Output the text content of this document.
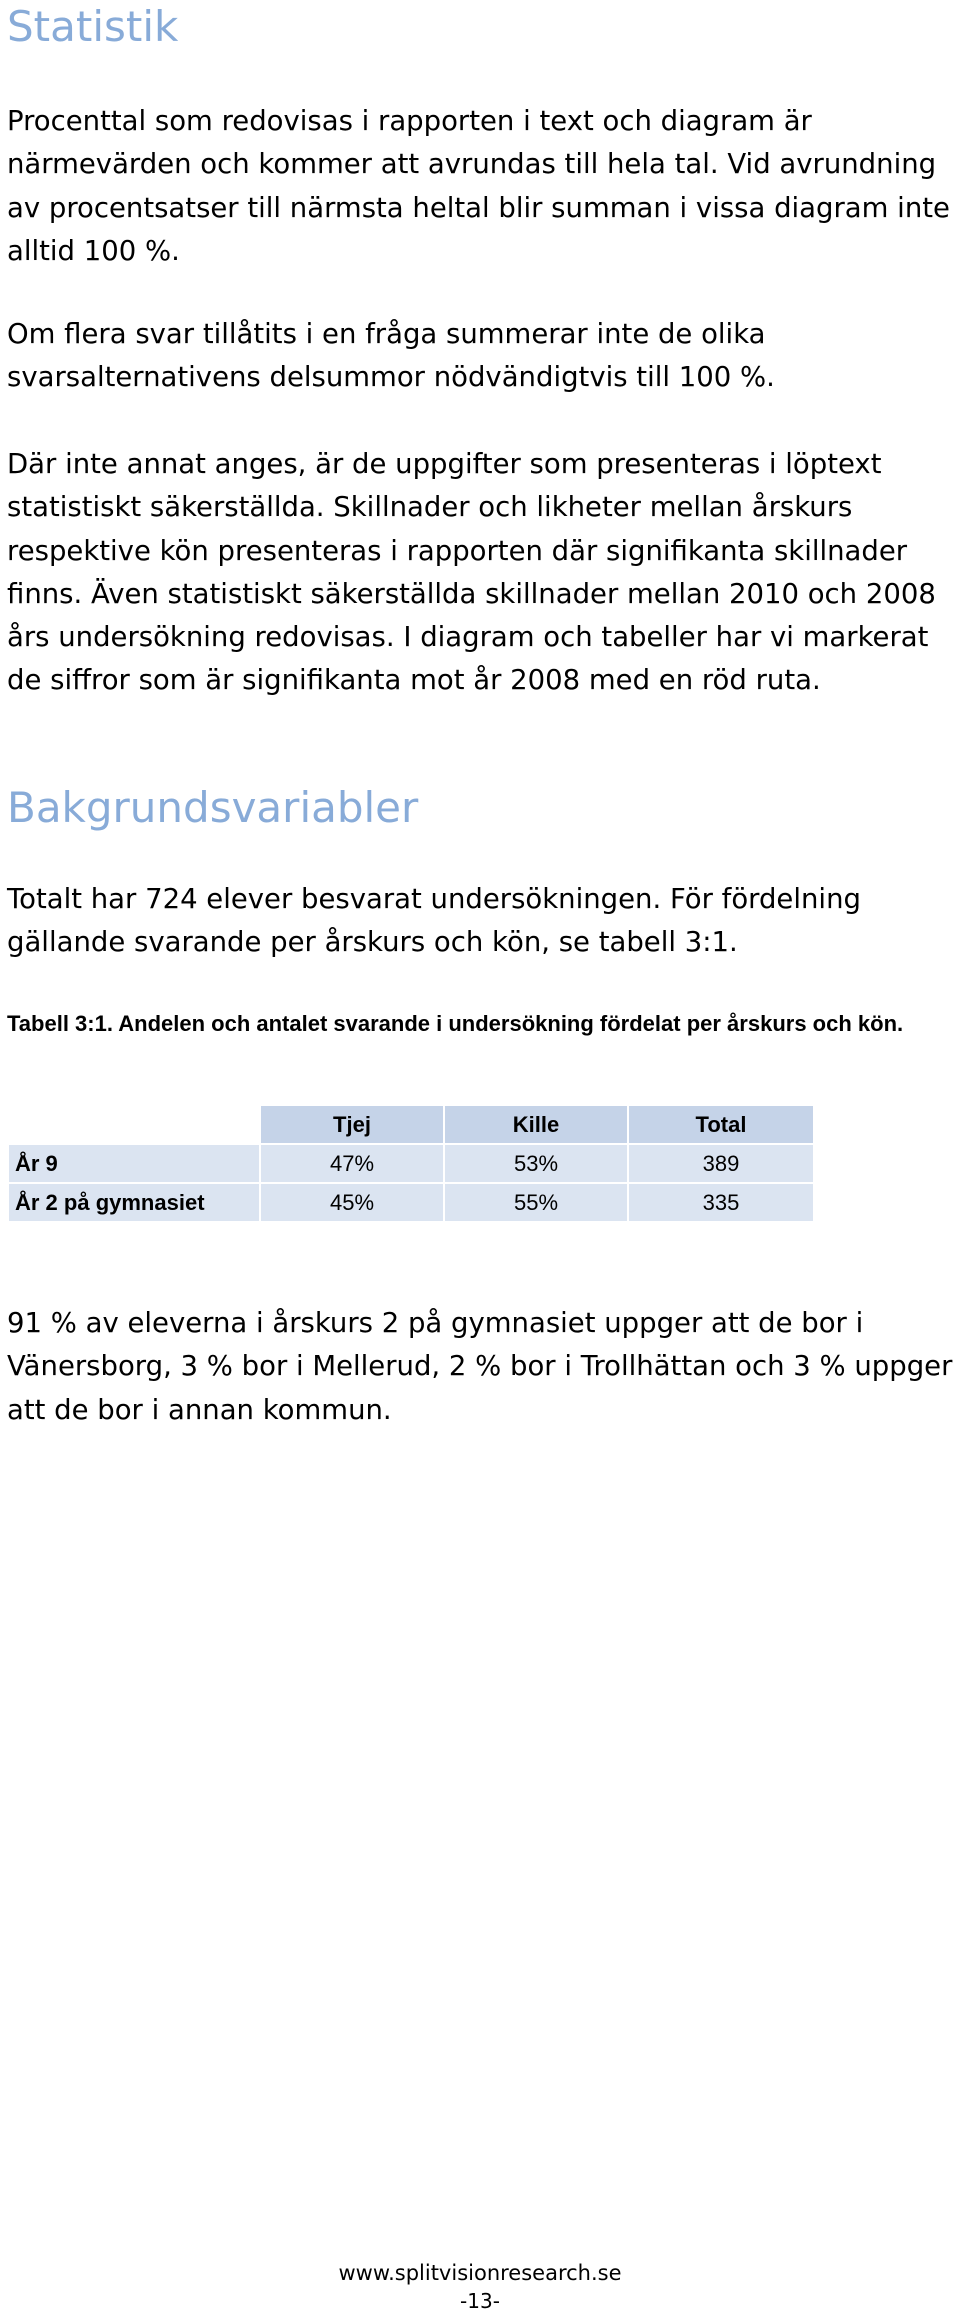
Statistik

Procenttal som redovisas i rapporten i text och diagram är närmevärden och kommer att avrundas till hela tal. Vid avrundning av procentsatser till närmsta heltal blir summan i vissa diagram inte alltid 100 %.

Om flera svar tillåtits i en fråga summerar inte de olika svarsalternativens delsummor nödvändigtvis till 100 %.

Där inte annat anges, är de uppgifter som presenteras i löptext statistiskt säkerställda. Skillnader och likheter mellan årskurs respektive kön presenteras i rapporten där signifikanta skillnader finns. Även statistiskt säkerställda skillnader mellan 2010 och 2008 års undersökning redovisas. I diagram och tabeller har vi markerat de siffror som är signifikanta mot år 2008 med en röd ruta.

Bakgrundsvariabler

Totalt har 724 elever besvarat undersökningen. För fördelning gällande svarande per årskurs och kön, se tabell 3:1.

Tabell 3:1. Andelen och antalet svarande i undersökning fördelat per årskurs och kön.

	Tjej	Kille	Total
År 9	47%	53%	389
År 2 på gymnasiet	45%	55%	335

91 % av eleverna i årskurs 2 på gymnasiet uppger att de bor i Vänersborg, 3 % bor i Mellerud, 2 % bor i Trollhättan och 3 % uppger att de bor i annan kommun.

www.splitvisionresearch.se
-13-
